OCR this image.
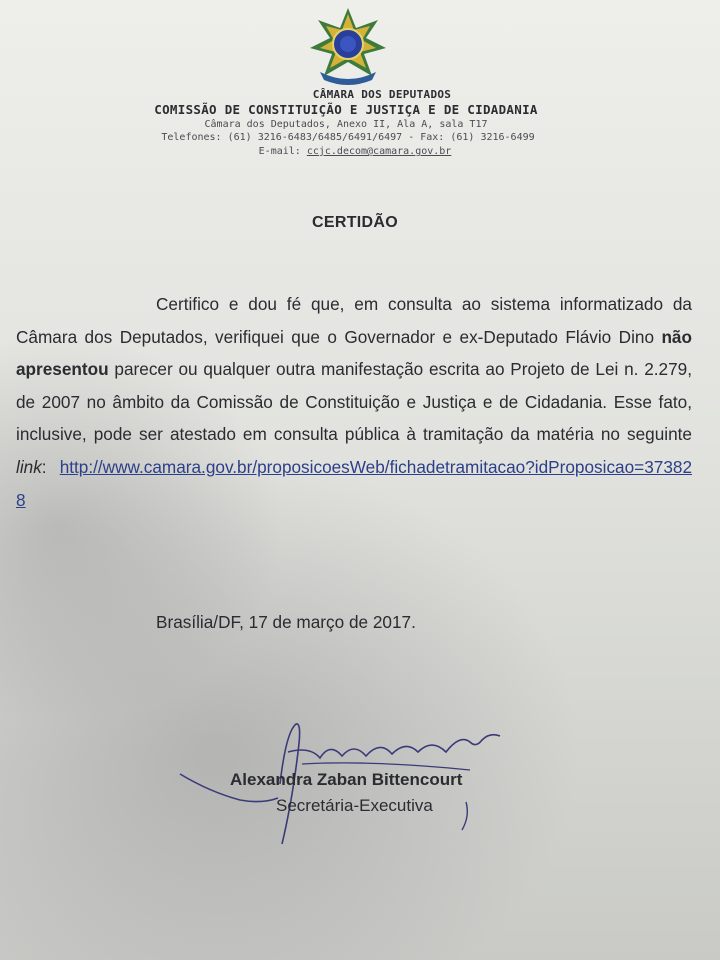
CÂMARA DOS DEPUTADOS
COMISSÃO DE CONSTITUIÇÃO E JUSTIÇA E DE CIDADANIA
Câmara dos Deputados, Anexo II, Ala A, sala T17
Telefones: (61) 3216-6483/6485/6491/6497 - Fax: (61) 3216-6499
E-mail: ccjc.decom@camara.gov.br
CERTIDÃO
Certifico e dou fé que, em consulta ao sistema informatizado da Câmara dos Deputados, verifiquei que o Governador e ex-Deputado Flávio Dino não apresentou parecer ou qualquer outra manifestação escrita ao Projeto de Lei n. 2.279, de 2007 no âmbito da Comissão de Constituição e Justiça e de Cidadania. Esse fato, inclusive, pode ser atestado em consulta pública à tramitação da matéria no seguinte link: http://www.camara.gov.br/proposicoesWeb/fichadetramitacao?idProposicao=373828
Brasília/DF, 17 de março de 2017.
Alexandra Zaban Bittencourt
Secretária-Executiva
